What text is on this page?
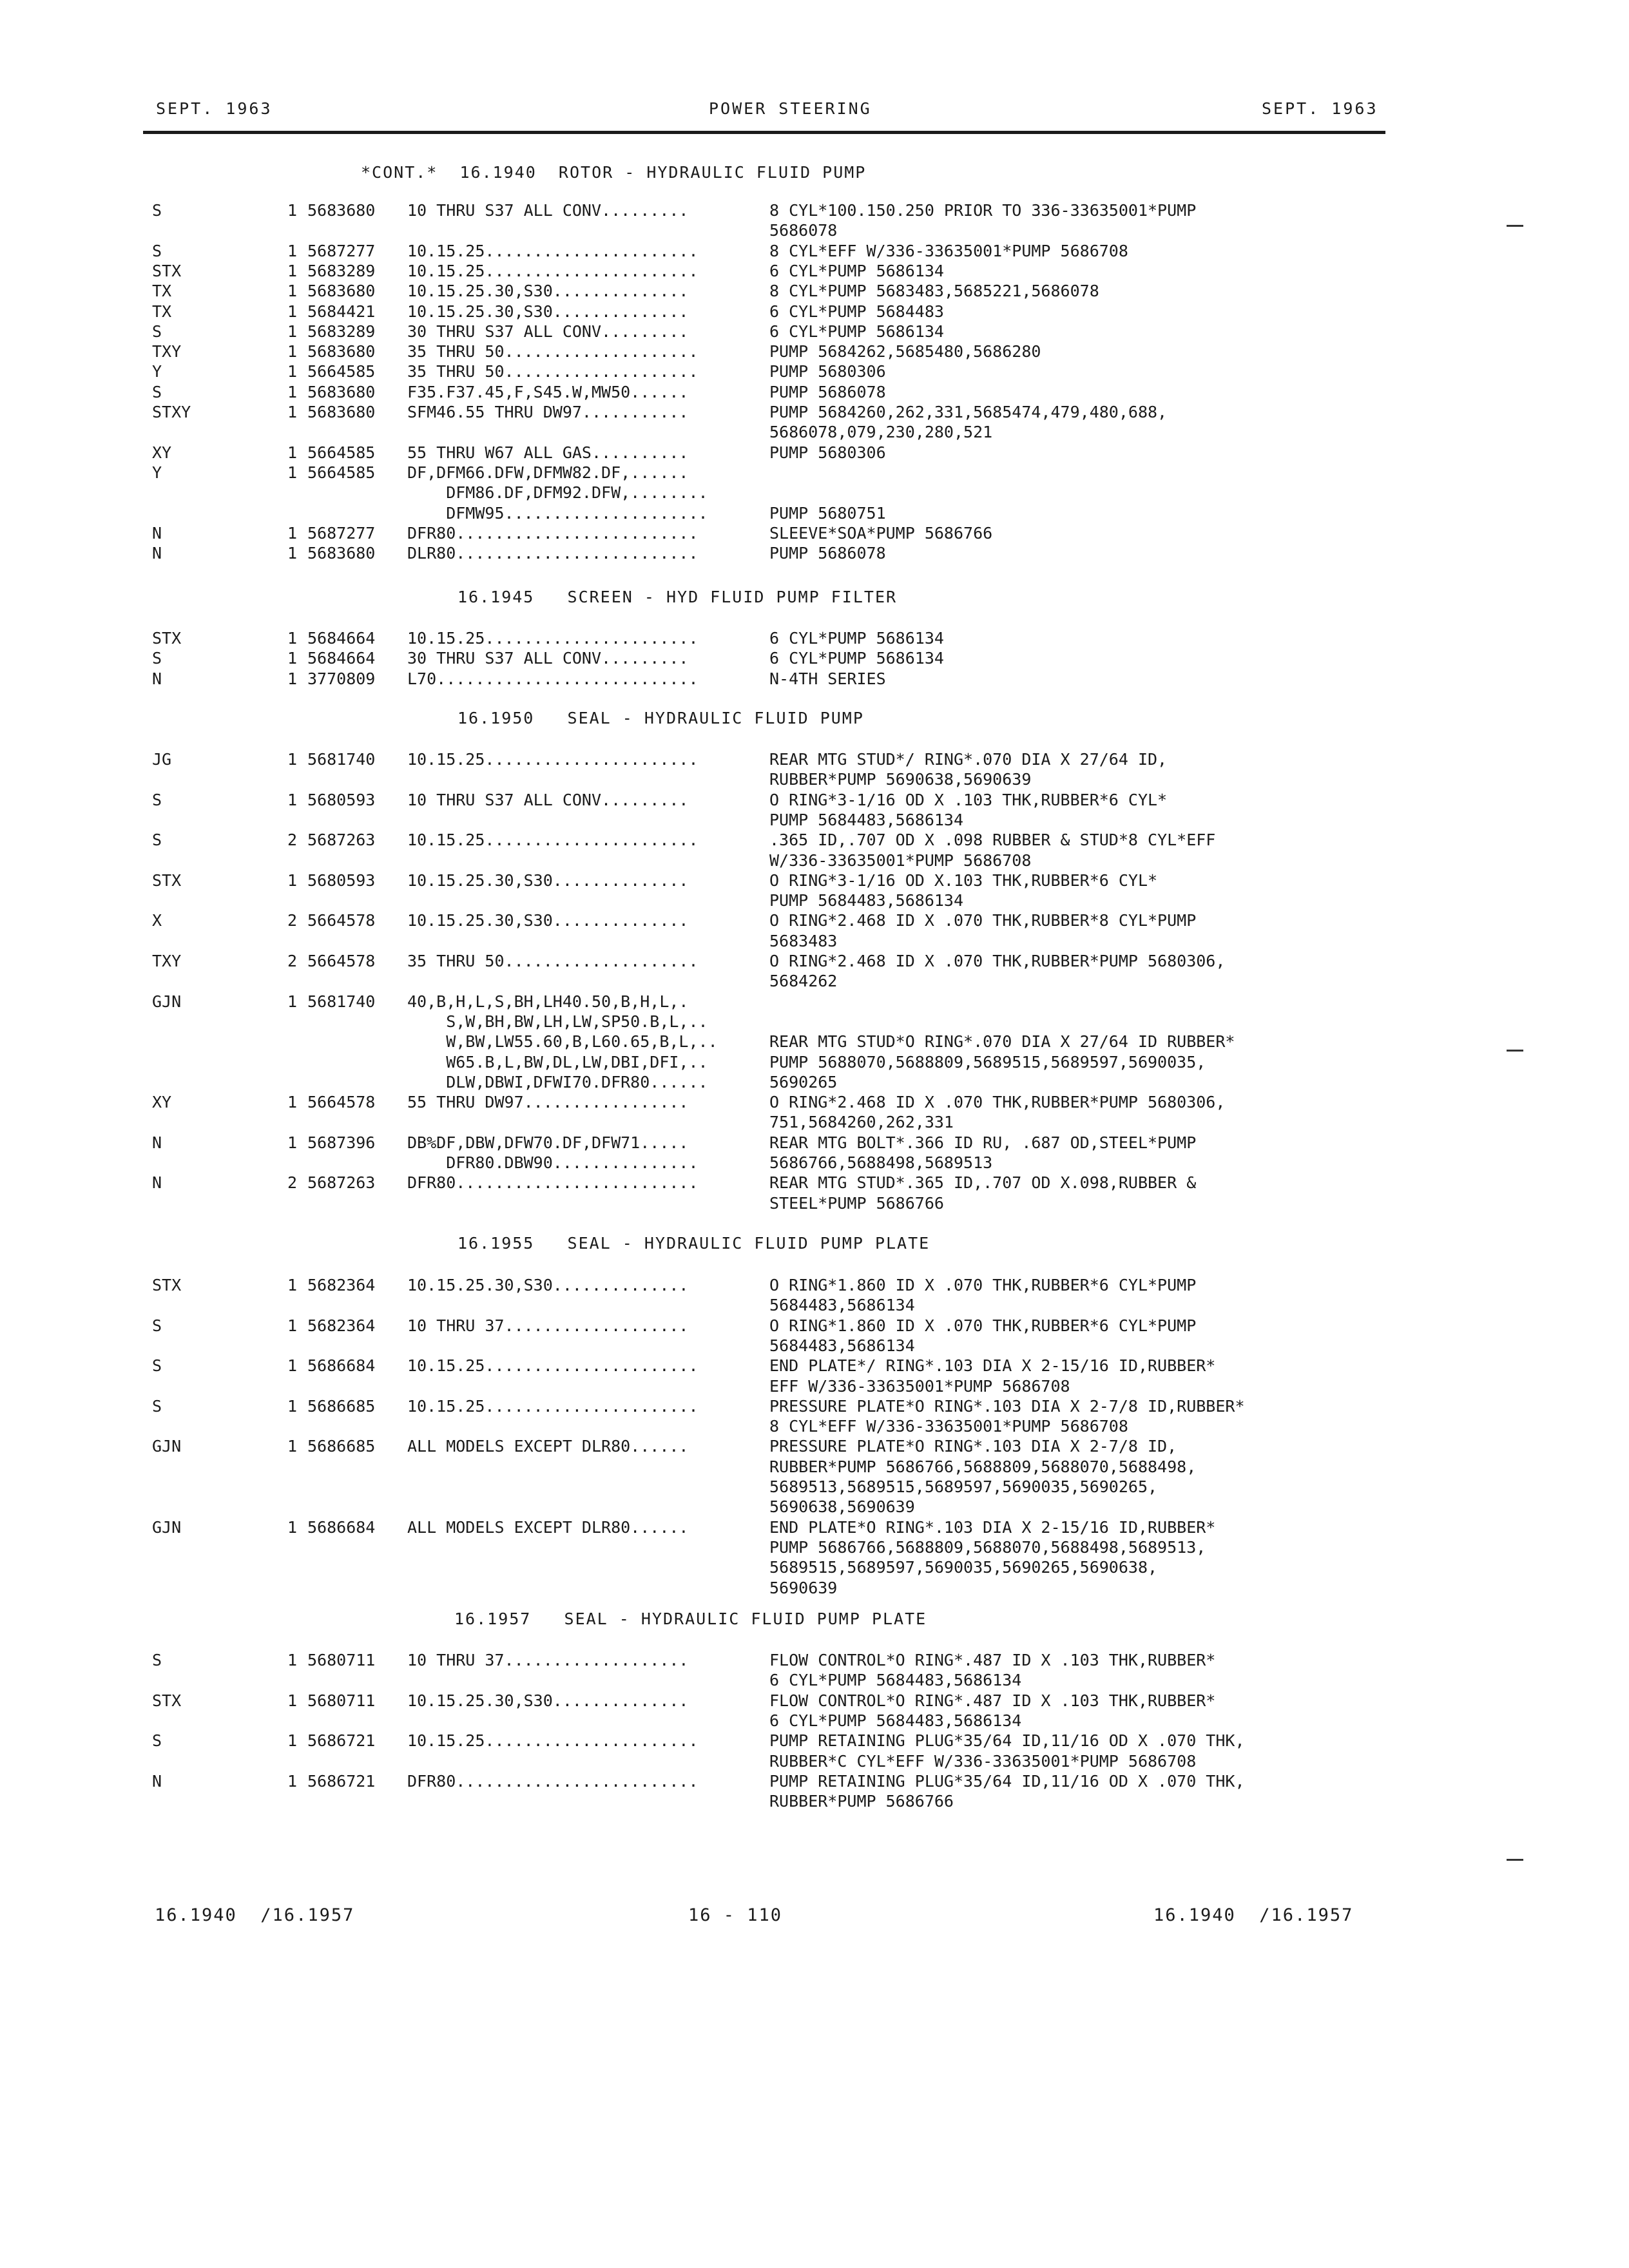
SEPT. 1963	POWER STEERING	SEPT. 1963
*CONT.*  16.1940  ROTOR - HYDRAULIC FLUID PUMP
S	1 5683680 10 THRU S37 ALL CONV.........	8 CYL*100.150.250 PRIOR TO 336-33635001*PUMP
5686078
S	1 5687277 10.15.25......................	8 CYL*EFF W/336-33635001*PUMP 5686708
STX	1 5683289 10.15.25......................	6 CYL*PUMP 5686134
TX	1 5683680 10.15.25.30,S30..............	8 CYL*PUMP 5683483,5685221,5686078
TX	1 5684421 10.15.25.30,S30..............	6 CYL*PUMP 5684483
S	1 5683289 30 THRU S37 ALL CONV.........	6 CYL*PUMP 5686134
TXY	1 5683680 35 THRU 50....................	PUMP 5684262,5685480,5686280
Y	1 5664585 35 THRU 50....................	PUMP 5680306
S	1 5683680 F35.F37.45,F,S45.W,MW50......	PUMP 5686078
STXY	1 5683680 SFM46.55 THRU DW97...........	PUMP 5684260,262,331,5685474,479,480,688,
5686078,079,230,280,521
XY	1 5664585 55 THRU W67 ALL GAS..........	PUMP 5680306
Y	1 5664585 DF,DFM66.DFW,DFMW82.DF,......
DFM86.DF,DFM92.DFW,........
DFMW95.....................	PUMP 5680751
N	1 5687277 DFR80.........................	SLEEVE*SOA*PUMP 5686766
N	1 5683680 DLR80.........................	PUMP 5686078
16.1945   SCREEN - HYD FLUID PUMP FILTER
STX	1 5684664 10.15.25......................	6 CYL*PUMP 5686134
S	1 5684664 30 THRU S37 ALL CONV.........	6 CYL*PUMP 5686134
N	1 3770809 L70...........................	N-4TH SERIES
16.1950   SEAL - HYDRAULIC FLUID PUMP
JG	1 5681740 10.15.25......................	REAR MTG STUD*/ RING*.070 DIA X 27/64 ID,
RUBBER*PUMP 5690638,5690639
S	1 5680593 10 THRU S37 ALL CONV.........	O RING*3-1/16 OD X .103 THK,RUBBER*6 CYL*
PUMP 5684483,5686134
S	2 5687263 10.15.25......................	.365 ID,.707 OD X .098 RUBBER & STUD*8 CYL*EFF
W/336-33635001*PUMP 5686708
STX	1 5680593 10.15.25.30,S30..............	O RING*3-1/16 OD X.103 THK,RUBBER*6 CYL*
PUMP 5684483,5686134
X	2 5664578 10.15.25.30,S30..............	O RING*2.468 ID X .070 THK,RUBBER*8 CYL*PUMP
5683483
TXY	2 5664578 35 THRU 50....................	O RING*2.468 ID X .070 THK,RUBBER*PUMP 5680306,
5684262
GJN	1 5681740 40,B,H,L,S,BH,LH40.50,B,H,L,.
S,W,BH,BW,LH,LW,SP50.B,L,..
W,BW,LW55.60,B,L60.65,B,L,..	REAR MTG STUD*O RING*.070 DIA X 27/64 ID RUBBER*
W65.B,L,BW,DL,LW,DBI,DFI,..	PUMP 5688070,5688809,5689515,5689597,5690035,
DLW,DBWI,DFWI70.DFR80......	5690265
XY	1 5664578 55 THRU DW97.................	O RING*2.468 ID X .070 THK,RUBBER*PUMP 5680306,
751,5684260,262,331
N	1 5687396 DB%DF,DBW,DFW70.DF,DFW71.....	REAR MTG BOLT*.366 ID RU, .687 OD,STEEL*PUMP
DFR80.DBW90...............	5686766,5688498,5689513
N	2 5687263 DFR80.........................	REAR MTG STUD*.365 ID,.707 OD X.098,RUBBER &
STEEL*PUMP 5686766
16.1955   SEAL - HYDRAULIC FLUID PUMP PLATE
STX	1 5682364 10.15.25.30,S30..............	O RING*1.860 ID X .070 THK,RUBBER*6 CYL*PUMP
5684483,5686134
S	1 5682364 10 THRU 37...................	O RING*1.860 ID X .070 THK,RUBBER*6 CYL*PUMP
5684483,5686134
S	1 5686684 10.15.25......................	END PLATE*/ RING*.103 DIA X 2-15/16 ID,RUBBER*
EFF W/336-33635001*PUMP 5686708
S	1 5686685 10.15.25......................	PRESSURE PLATE*O RING*.103 DIA X 2-7/8 ID,RUBBER*
8 CYL*EFF W/336-33635001*PUMP 5686708
GJN	1 5686685 ALL MODELS EXCEPT DLR80......	PRESSURE PLATE*O RING*.103 DIA X 2-7/8 ID,
RUBBER*PUMP 5686766,5688809,5688070,5688498,
5689513,5689515,5689597,5690035,5690265,
5690638,5690639
GJN	1 5686684 ALL MODELS EXCEPT DLR80......	END PLATE*O RING*.103 DIA X 2-15/16 ID,RUBBER*
PUMP 5686766,5688809,5688070,5688498,5689513,
5689515,5689597,5690035,5690265,5690638,
5690639
16.1957   SEAL - HYDRAULIC FLUID PUMP PLATE
S	1 5680711 10 THRU 37...................	FLOW CONTROL*O RING*.487 ID X .103 THK,RUBBER*
6 CYL*PUMP 5684483,5686134
STX	1 5680711 10.15.25.30,S30..............	FLOW CONTROL*O RING*.487 ID X .103 THK,RUBBER*
6 CYL*PUMP 5684483,5686134
S	1 5686721 10.15.25......................	PUMP RETAINING PLUG*35/64 ID,11/16 OD X .070 THK,
RUBBER*C CYL*EFF W/336-33635001*PUMP 5686708
N	1 5686721 DFR80.........................	PUMP RETAINING PLUG*35/64 ID,11/16 OD X .070 THK,
RUBBER*PUMP 5686766
16.1940  /16.1957	16 - 110	16.1940  /16.1957
